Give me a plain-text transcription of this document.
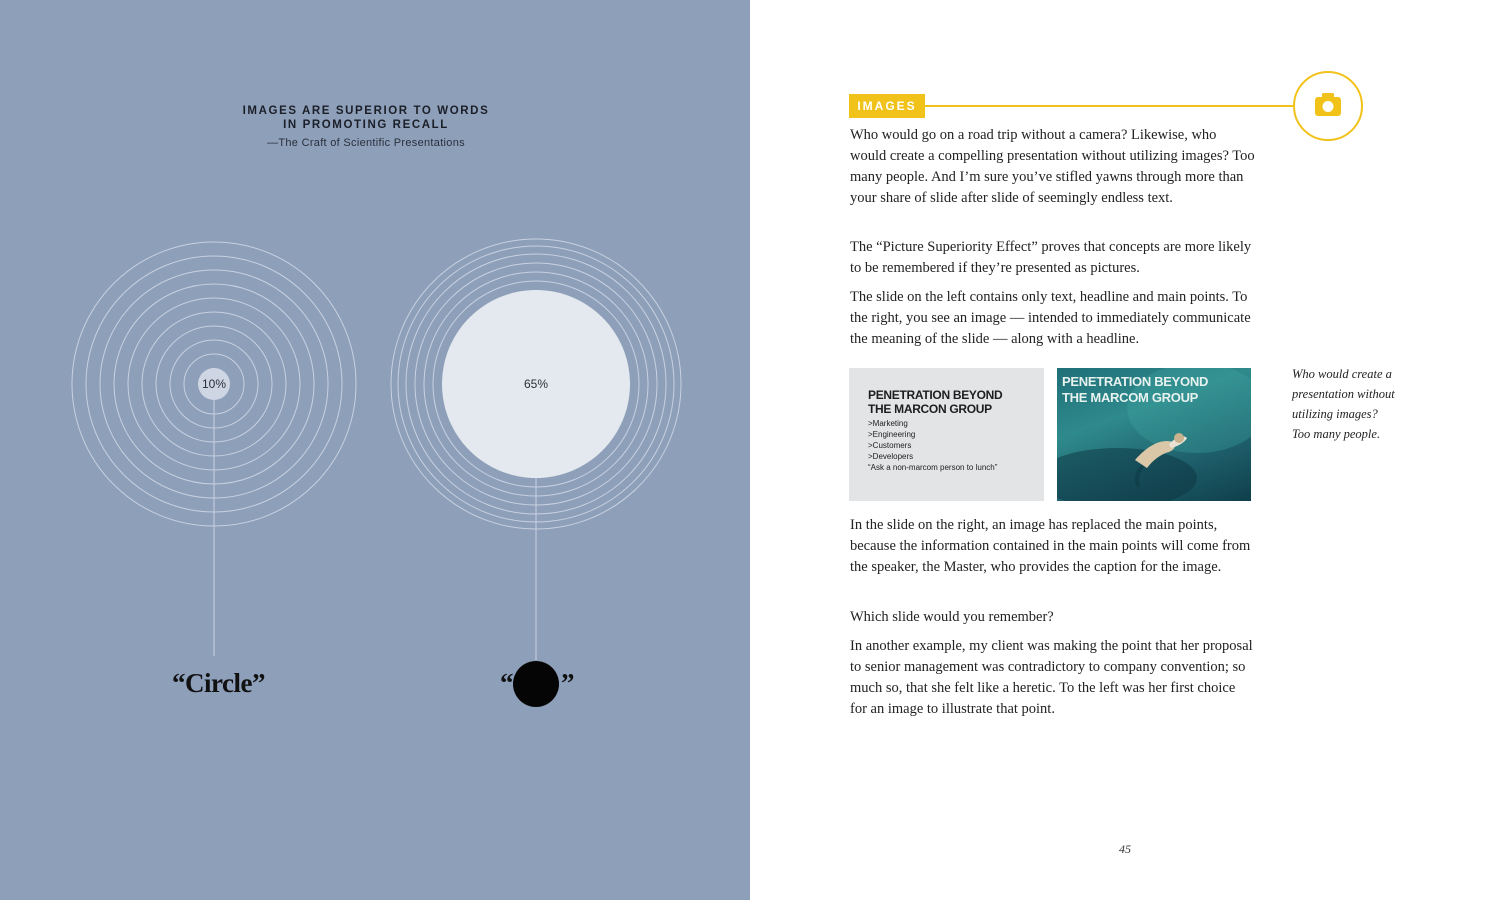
IMAGES ARE SUPERIOR TO WORDS
IN PROMOTING RECALL
—The Craft of Scientific Presentations
10%	65%
“Circle”	“ ”
IMAGES
Who would go on a road trip without a camera? Likewise, who would create a compelling presentation without utilizing images? Too many people. And I’m sure you’ve stifled yawns through more than your share of slide after slide of seemingly endless text.
The “Picture Superiority Effect” proves that concepts are more likely to be remembered if they’re presented as pictures.
The slide on the left contains only text, headline and main points. To the right, you see an image — intended to immediately communicate the meaning of the slide — along with a headline.
PENETRATION BEYOND
THE MARCON GROUP
>Marketing
>Engineering
>Customers
>Developers
“Ask a non-marcom person to lunch”
PENETRATION BEYOND
THE MARCOM GROUP
Who would create a
presentation without
utilizing images?
Too many people.
In the slide on the right, an image has replaced the main points, because the information contained in the main points will come from the speaker, the Master, who provides the caption for the image.
Which slide would you remember?
In another example, my client was making the point that her proposal to senior management was contradictory to company convention; so much so, that she felt like a heretic. To the left was her first choice for an image to illustrate that point.
45
